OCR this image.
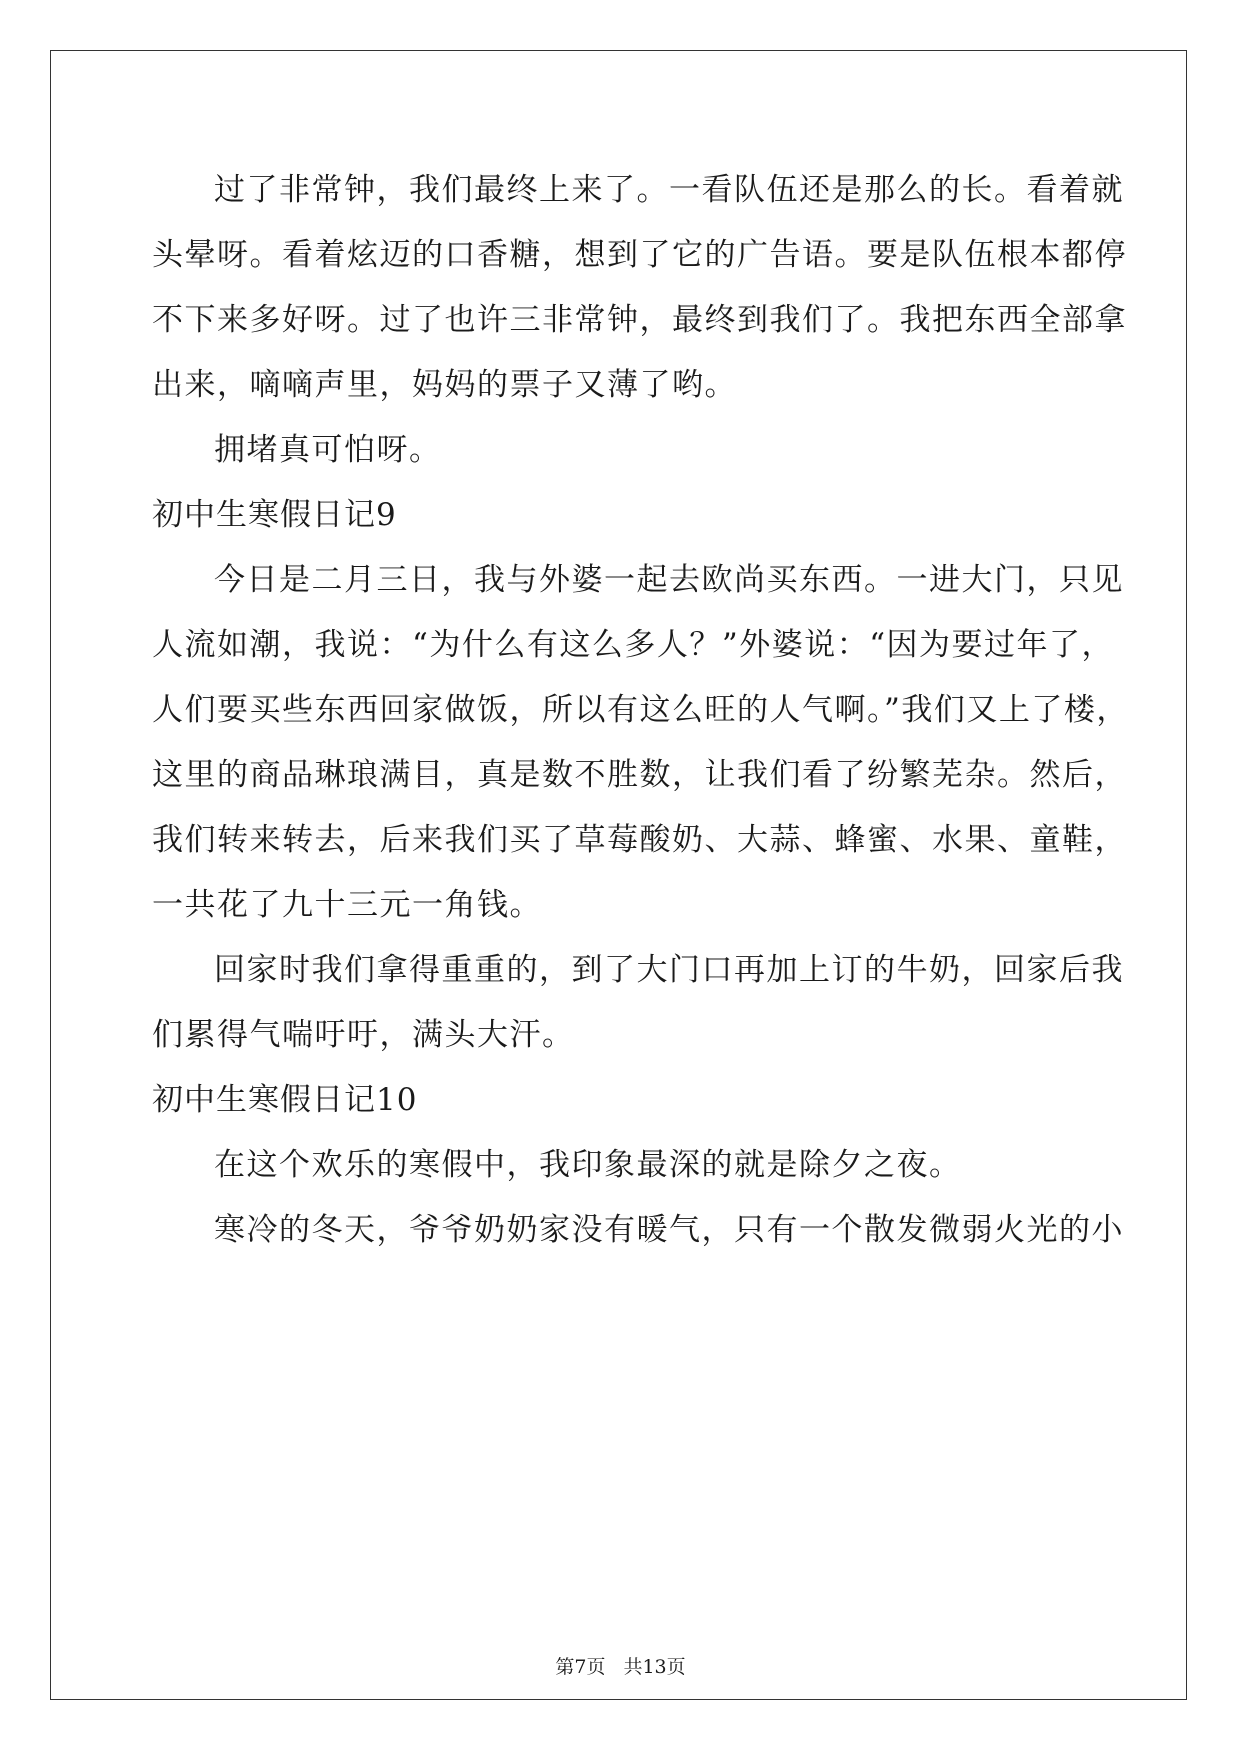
过了非常钟，我们最终上来了。一看队伍还是那么的长。看着就
头晕呀。看着炫迈的口香糖，想到了它的广告语。要是队伍根本都停
不下来多好呀。过了也许三非常钟，最终到我们了。我把东西全部拿
出来，嘀嘀声里，妈妈的票子又薄了哟。
拥堵真可怕呀。
初中生寒假日记9
今日是二月三日，我与外婆一起去欧尚买东西。一进大门，只见
人流如潮，我说：“为什么有这么多人？”外婆说：“因为要过年了，
人们要买些东西回家做饭，所以有这么旺的人气啊。”我们又上了楼，
这里的商品琳琅满目，真是数不胜数，让我们看了纷繁芜杂。然后，
我们转来转去，后来我们买了草莓酸奶、大蒜、蜂蜜、水果、童鞋，
一共花了九十三元一角钱。
回家时我们拿得重重的，到了大门口再加上订的牛奶，回家后我
们累得气喘吁吁，满头大汗。
初中生寒假日记10
在这个欢乐的寒假中，我印象最深的就是除夕之夜。
寒冷的冬天，爷爷奶奶家没有暖气，只有一个散发微弱火光的小
第7页 共13页
